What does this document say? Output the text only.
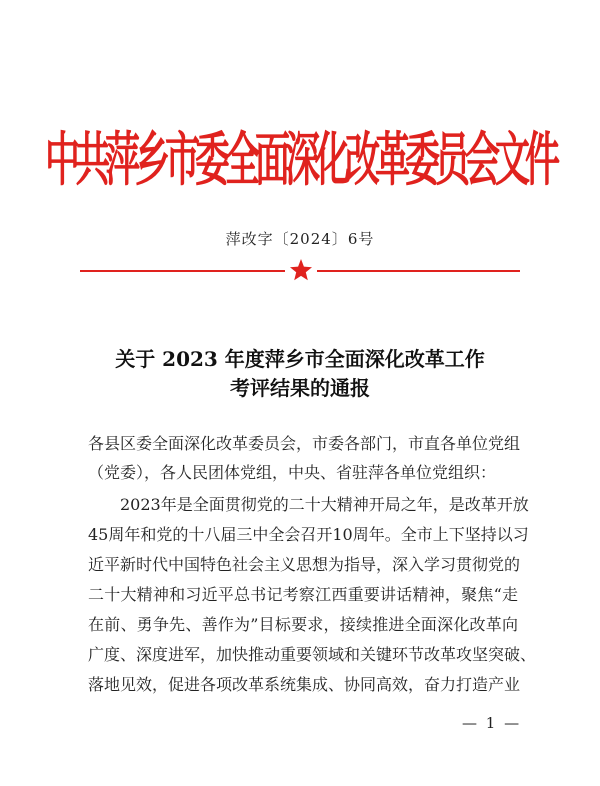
中共萍乡市委全面深化改革委员会文件
萍改字〔2024〕6号
关于 2023 年度萍乡市全面深化改革工作
考评结果的通报
各县区委全面深化改革委员会，市委各部门，市直各单位党组
（党委），各人民团体党组，中央、省驻萍各单位党组织：
2023年是全面贯彻党的二十大精神开局之年，是改革开放
45周年和党的十八届三中全会召开10周年。全市上下坚持以习
近平新时代中国特色社会主义思想为指导，深入学习贯彻党的
二十大精神和习近平总书记考察江西重要讲话精神，聚焦“走
在前、勇争先、善作为”目标要求，接续推进全面深化改革向
广度、深度进军，加快推动重要领域和关键环节改革攻坚突破、
落地见效，促进各项改革系统集成、协同高效，奋力打造产业
— 1 —
